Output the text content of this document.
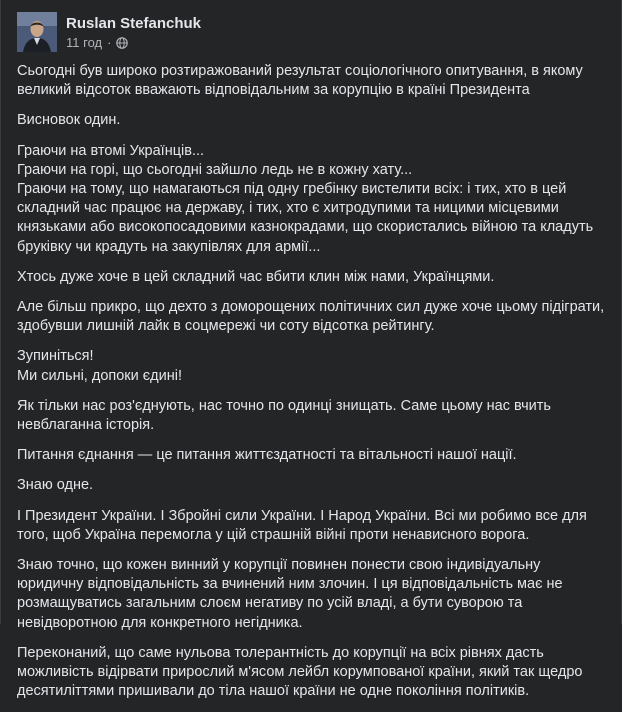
Ruslan Stefanchuk
11 год ·

Сьогодні був широко розтиражований результат соціологічного опитування, в якому великий відсоток вважають відповідальним за корупцію в країні Президента

Висновок один.

Граючи на втомі Українців...
Граючи на горі, що сьогодні зайшло ледь не в кожну хату...
Граючи на тому, що намагаються під одну гребінку вистелити всіх: і тих, хто в цей складний час працює на державу, і тих, хто є хитродупими та ницими місцевими князьками або високопосадовими казнокрадами, що скористались війною та кладуть бруківку чи крадуть на закупівлях для армії...

Хтось дуже хоче в цей складний час вбити клин між нами, Українцями.

Але більш прикро, що дехто з доморощених політичних сил дуже хоче цьому підіграти, здобувши лишній лайк в соцмережі чи соту відсотка рейтингу.

Зупиніться!
Ми сильні, допоки єдині!

Як тільки нас роз'єднують, нас точно по одинці знищать. Саме цьому нас вчить невблаганна історія.

Питання єднання — це питання життєздатності та вітальності нашої нації.

Знаю одне.

І Президент України. І Збройні сили України. І Народ України. Всі ми робимо все для того, щоб Україна перемогла у цій страшній війні проти ненависного ворога.

Знаю точно, що кожен винний у корупції повинен понести свою індивідуальну юридичну відповідальність за вчинений ним злочин. І ця відповідальність має не розмащуватись загальним слоєм негативу по усій владі, а бути суворою та невідворотною для конкретного негідника.

Переконаний, що саме нульова толерантність до корупції на всіх рівнях дасть можливість відірвати прирослий м'ясом лейбл корумпованої країни, який так щедро десятиліттями пришивали до тіла нашої країни не одне покоління політиків.
